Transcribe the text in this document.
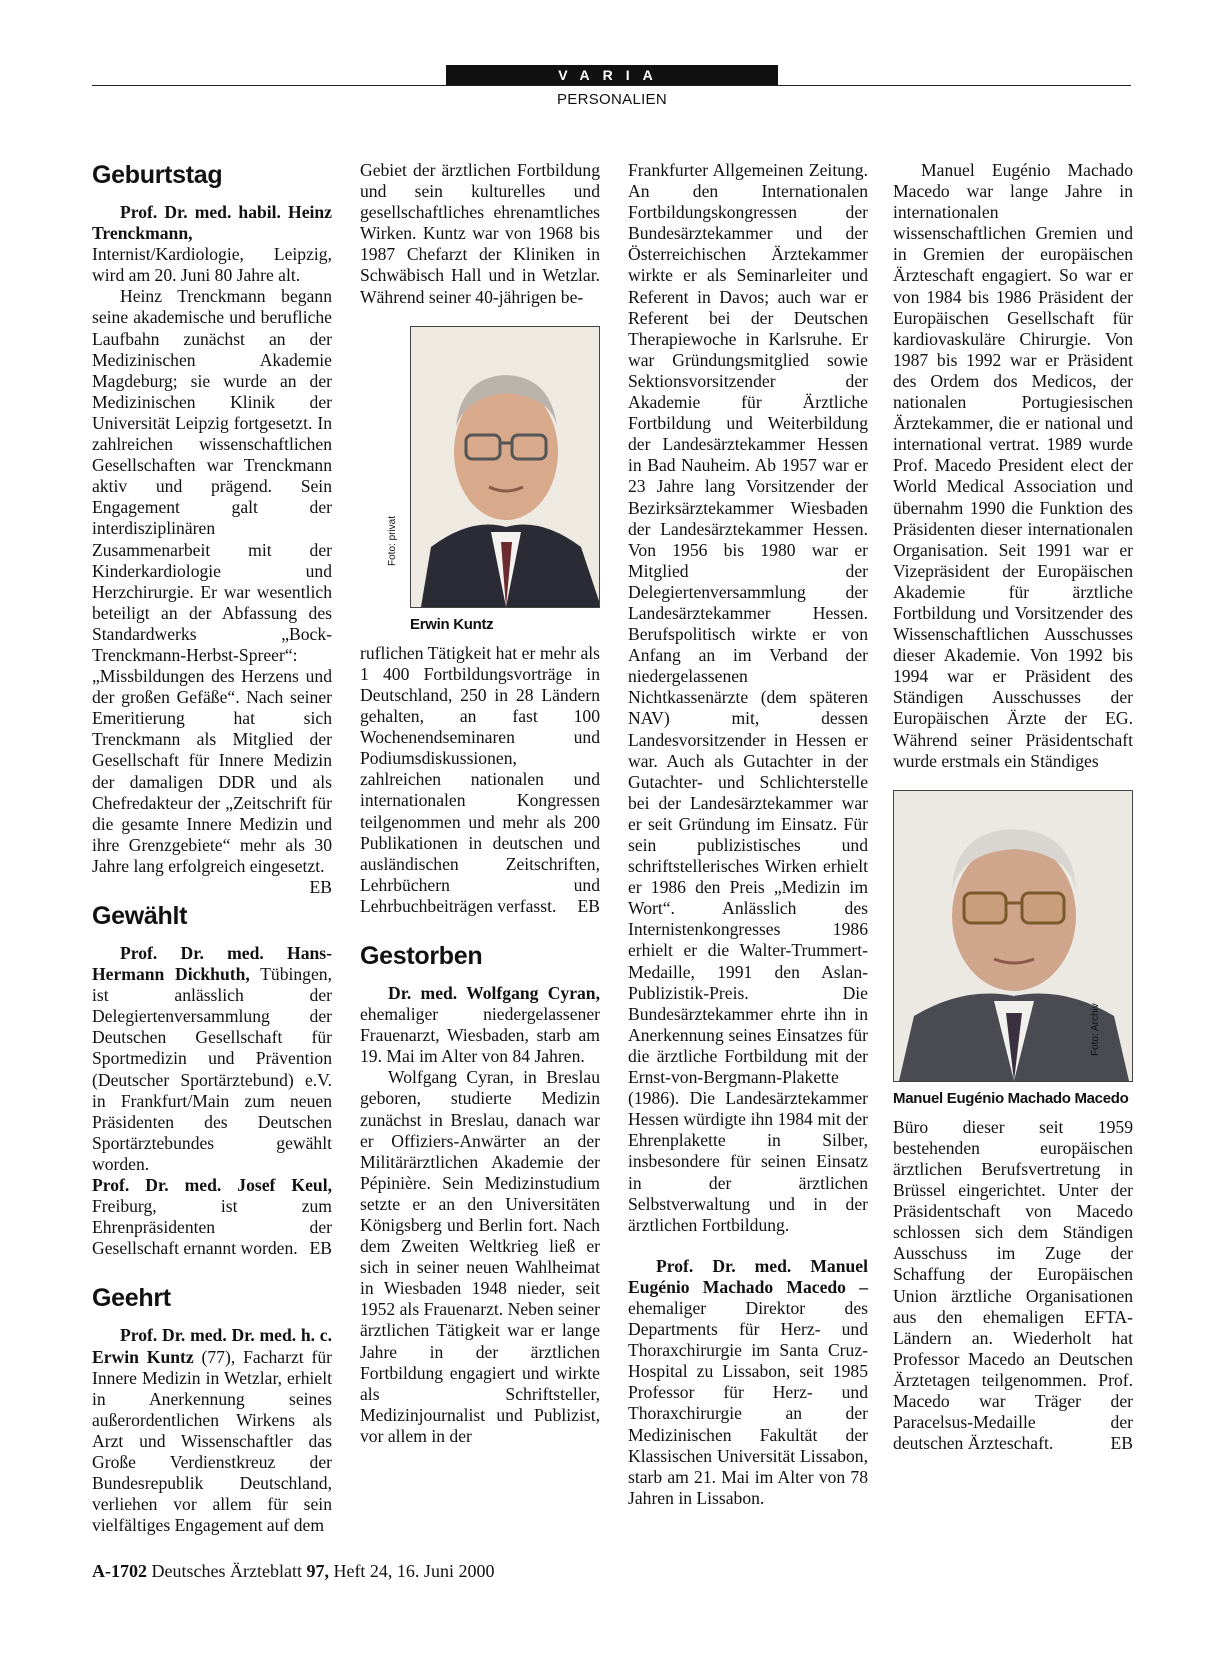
VARIA
PERSONALIEN
Geburtstag

Prof. Dr. med. habil. Heinz Trenckmann, Internist/Kardiologie, Leipzig, wird am 20. Juni 80 Jahre alt.

Heinz Trenckmann begann seine akademische und berufliche Laufbahn zunächst an der Medizinischen Akademie Magdeburg; sie wurde an der Medizinischen Klinik der Universität Leipzig fortgesetzt. In zahlreichen wissenschaftlichen Gesellschaften war Trenckmann aktiv und prägend. Sein Engagement galt der interdisziplinären Zusammenarbeit mit der Kinderkardiologie und Herzchirurgie. Er war wesentlich beteiligt an der Abfassung des Standardwerks „Bock-Trenckmann-Herbst-Spreer“: „Missbildungen des Herzens und der großen Gefäße“. Nach seiner Emeritierung hat sich Trenckmann als Mitglied der Gesellschaft für Innere Medizin der damaligen DDR und als Chefredakteur der „Zeitschrift für die gesamte Innere Medizin und ihre Grenzgebiete“ mehr als 30 Jahre lang erfolgreich eingesetzt.
EB

Gewählt

Prof. Dr. med. Hans-Hermann Dickhuth, Tübingen, ist anlässlich der Delegiertenversammlung der Deutschen Gesellschaft für Sportmedizin und Prävention (Deutscher Sportärztebund) e.V. in Frankfurt/Main zum neuen Präsidenten des Deutschen Sportärztebundes gewählt worden.

Prof. Dr. med. Josef Keul, Freiburg, ist zum Ehrenpräsidenten der Gesellschaft ernannt worden. EB

Geehrt

Prof. Dr. med. Dr. med. h. c. Erwin Kuntz (77), Facharzt für Innere Medizin in Wetzlar, erhielt in Anerkennung seines außerordentlichen Wirkens als Arzt und Wissenschaftler das Große Verdienstkreuz der Bundesrepublik Deutschland, verliehen vor allem für sein vielfältiges Engagement auf dem

Gebiet der ärztlichen Fortbildung und sein kulturelles und gesellschaftliches ehrenamtliches Wirken. Kuntz war von 1968 bis 1987 Chefarzt der Kliniken in Schwäbisch Hall und in Wetzlar. Während seiner 40-jährigen be-

Foto: privat
Erwin Kuntz

ruflichen Tätigkeit hat er mehr als 1 400 Fortbildungsvorträge in Deutschland, 250 in 28 Ländern gehalten, an fast 100 Wochenendseminaren und Podiumsdiskussionen, zahlreichen nationalen und internationalen Kongressen teilgenommen und mehr als 200 Publikationen in deutschen und ausländischen Zeitschriften, Lehrbüchern und Lehrbuchbeiträgen verfasst. EB

Gestorben

Dr. med. Wolfgang Cyran, ehemaliger niedergelassener Frauenarzt, Wiesbaden, starb am 19. Mai im Alter von 84 Jahren.

Wolfgang Cyran, in Breslau geboren, studierte Medizin zunächst in Breslau, danach war er Offiziers-Anwärter an der Militärärztlichen Akademie der Pépinière. Sein Medizinstudium setzte er an den Universitäten Königsberg und Berlin fort. Nach dem Zweiten Weltkrieg ließ er sich in seiner neuen Wahlheimat in Wiesbaden 1948 nieder, seit 1952 als Frauenarzt. Neben seiner ärztlichen Tätigkeit war er lange Jahre in der ärztlichen Fortbildung engagiert und wirkte als Schriftsteller, Medizinjournalist und Publizist, vor allem in der

Frankfurter Allgemeinen Zeitung. An den Internationalen Fortbildungskongressen der Bundesärztekammer und der Österreichischen Ärztekammer wirkte er als Seminarleiter und Referent in Davos; auch war er Referent bei der Deutschen Therapiewoche in Karlsruhe. Er war Gründungsmitglied sowie Sektionsvorsitzender der Akademie für Ärztliche Fortbildung und Weiterbildung der Landesärztekammer Hessen in Bad Nauheim. Ab 1957 war er 23 Jahre lang Vorsitzender der Bezirksärztekammer Wiesbaden der Landesärztekammer Hessen. Von 1956 bis 1980 war er Mitglied der Delegiertenversammlung der Landesärztekammer Hessen. Berufspolitisch wirkte er von Anfang an im Verband der niedergelassenen Nichtkassenärzte (dem späteren NAV) mit, dessen Landesvorsitzender in Hessen er war. Auch als Gutachter in der Gutachter- und Schlichterstelle bei der Landesärztekammer war er seit Gründung im Einsatz. Für sein publizistisches und schriftstellerisches Wirken erhielt er 1986 den Preis „Medizin im Wort“. Anlässlich des Internistenkongresses 1986 erhielt er die Walter-Trummert-Medaille, 1991 den Aslan-Publizistik-Preis. Die Bundesärztekammer ehrte ihn in Anerkennung seines Einsatzes für die ärztliche Fortbildung mit der Ernst-von-Bergmann-Plakette (1986). Die Landesärztekammer Hessen würdigte ihn 1984 mit der Ehrenplakette in Silber, insbesondere für seinen Einsatz in der ärztlichen Selbstverwaltung und in der ärztlichen Fortbildung.

Prof. Dr. med. Manuel Eugénio Machado Macedo – ehemaliger Direktor des Departments für Herz- und Thoraxchirurgie im Santa Cruz-Hospital zu Lissabon, seit 1985 Professor für Herz- und Thoraxchirurgie an der Medizinischen Fakultät der Klassischen Universität Lissabon, starb am 21. Mai im Alter von 78 Jahren in Lissabon.

Manuel Eugénio Machado Macedo war lange Jahre in internationalen wissenschaftlichen Gremien und in Gremien der europäischen Ärzteschaft engagiert. So war er von 1984 bis 1986 Präsident der Europäischen Gesellschaft für kardiovaskuläre Chirurgie. Von 1987 bis 1992 war er Präsident des Ordem dos Medicos, der nationalen Portugiesischen Ärztekammer, die er national und international vertrat. 1989 wurde Prof. Macedo President elect der World Medical Association und übernahm 1990 die Funktion des Präsidenten dieser internationalen Organisation. Seit 1991 war er Vizepräsident der Europäischen Akademie für ärztliche Fortbildung und Vorsitzender des Wissenschaftlichen Ausschusses dieser Akademie. Von 1992 bis 1994 war er Präsident des Ständigen Ausschusses der Europäischen Ärzte der EG. Während seiner Präsidentschaft wurde erstmals ein Ständiges

Foto: Archiv
Manuel Eugénio Machado Macedo

Büro dieser seit 1959 bestehenden europäischen ärztlichen Berufsvertretung in Brüssel eingerichtet. Unter der Präsidentschaft von Macedo schlossen sich dem Ständigen Ausschuss im Zuge der Schaffung der Europäischen Union ärztliche Organisationen aus den ehemaligen EFTA-Ländern an. Wiederholt hat Professor Macedo an Deutschen Ärztetagen teilgenommen. Prof. Macedo war Träger der Paracelsus-Medaille der deutschen Ärzteschaft.	EB

A-1702 Deutsches Ärzteblatt 97, Heft 24, 16. Juni 2000
